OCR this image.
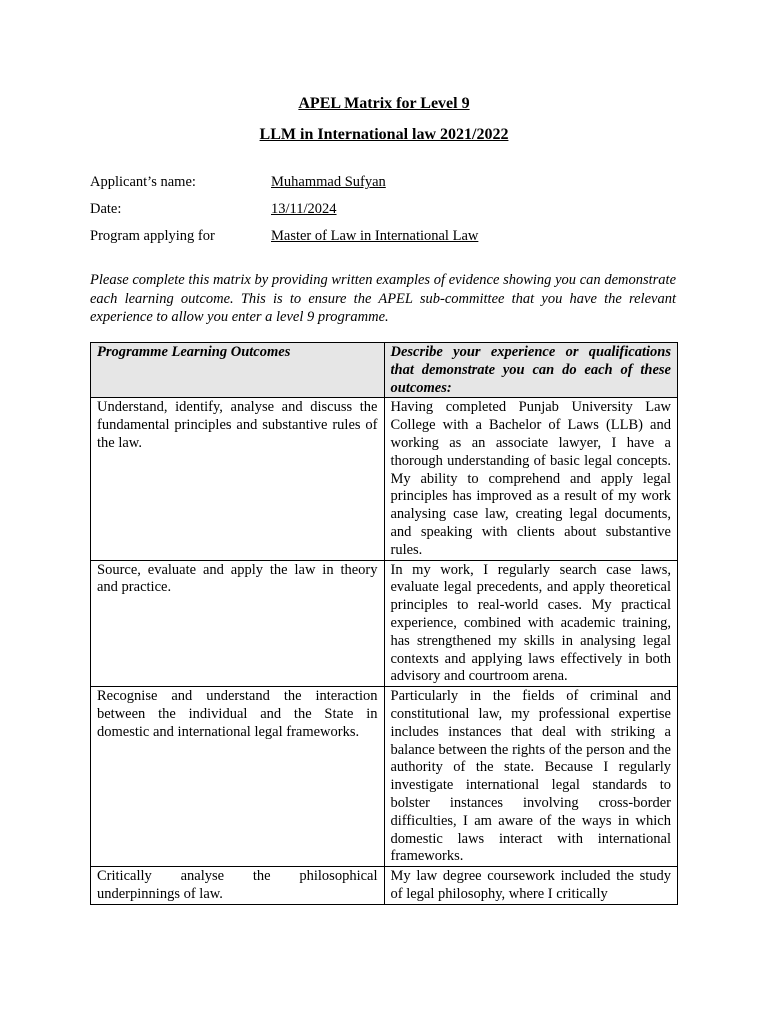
APEL Matrix for Level 9
LLM in International law 2021/2022
Applicant’s name:	Muhammad Sufyan
Date:	13/11/2024
Program applying for	Master of Law in International Law
Please complete this matrix by providing written examples of evidence showing you can demonstrate each learning outcome. This is to ensure the APEL sub-committee that you have the relevant experience to allow you enter a level 9 programme.
Programme Learning Outcomes	Describe your experience or qualifications that demonstrate you can do each of these outcomes:
Understand, identify, analyse and discuss the fundamental principles and substantive rules of the law.	Having completed Punjab University Law College with a Bachelor of Laws (LLB) and working as an associate lawyer, I have a thorough understanding of basic legal concepts. My ability to comprehend and apply legal principles has improved as a result of my work analysing case law, creating legal documents, and speaking with clients about substantive rules.
Source, evaluate and apply the law in theory and practice.	In my work, I regularly search case laws, evaluate legal precedents, and apply theoretical principles to real-world cases. My practical experience, combined with academic training, has strengthened my skills in analysing legal contexts and applying laws effectively in both advisory and courtroom arena.
Recognise and understand the interaction between the individual and the State in domestic and international legal frameworks.	Particularly in the fields of criminal and constitutional law, my professional expertise includes instances that deal with striking a balance between the rights of the person and the authority of the state. Because I regularly investigate international legal standards to bolster instances involving cross-border difficulties, I am aware of the ways in which domestic laws interact with international frameworks.
Critically analyse the philosophical underpinnings of law.	My law degree coursework included the study of legal philosophy, where I critically
